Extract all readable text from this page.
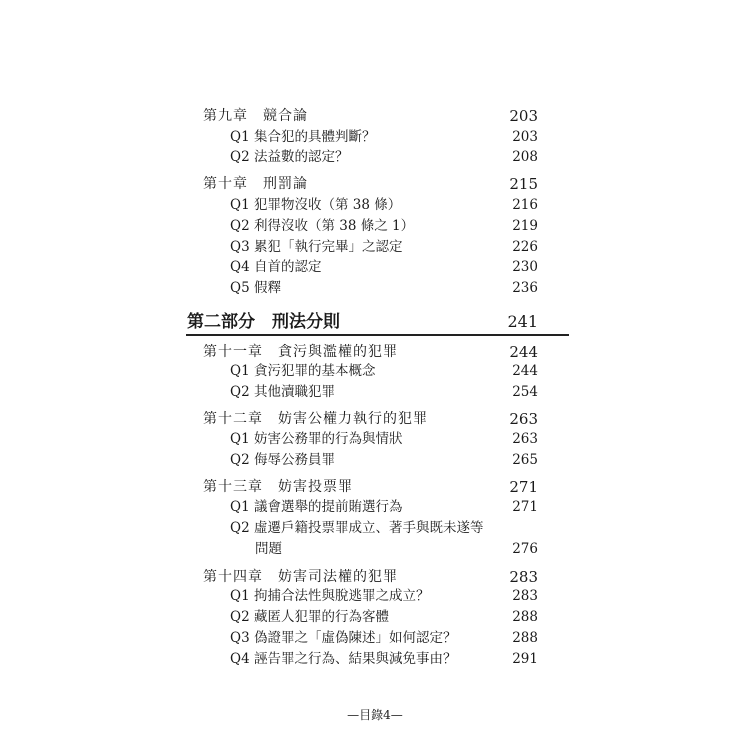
第九章　競合論	203
Q1 集合犯的具體判斷？	203
Q2 法益數的認定？	208
第十章　刑罰論	215
Q1 犯罪物沒收（第 38 條）	216
Q2 利得沒收（第 38 條之 1）	219
Q3 累犯「執行完畢」之認定	226
Q4 自首的認定	230
Q5 假釋	236
第二部分　刑法分則	241
第十一章　貪污與濫權的犯罪	244
Q1 貪污犯罪的基本概念	244
Q2 其他瀆職犯罪	254
第十二章　妨害公權力執行的犯罪	263
Q1 妨害公務罪的行為與情狀	263
Q2 侮辱公務員罪	265
第十三章　妨害投票罪	271
Q1 議會選舉的提前賄選行為	271
Q2 虛遷戶籍投票罪成立、著手與既未遂等
問題	276
第十四章　妨害司法權的犯罪	283
Q1 拘捕合法性與脫逃罪之成立？	283
Q2 藏匿人犯罪的行為客體	288
Q3 偽證罪之「虛偽陳述」如何認定？	288
Q4 誣告罪之行為、結果與減免事由？	291
—目錄4—
